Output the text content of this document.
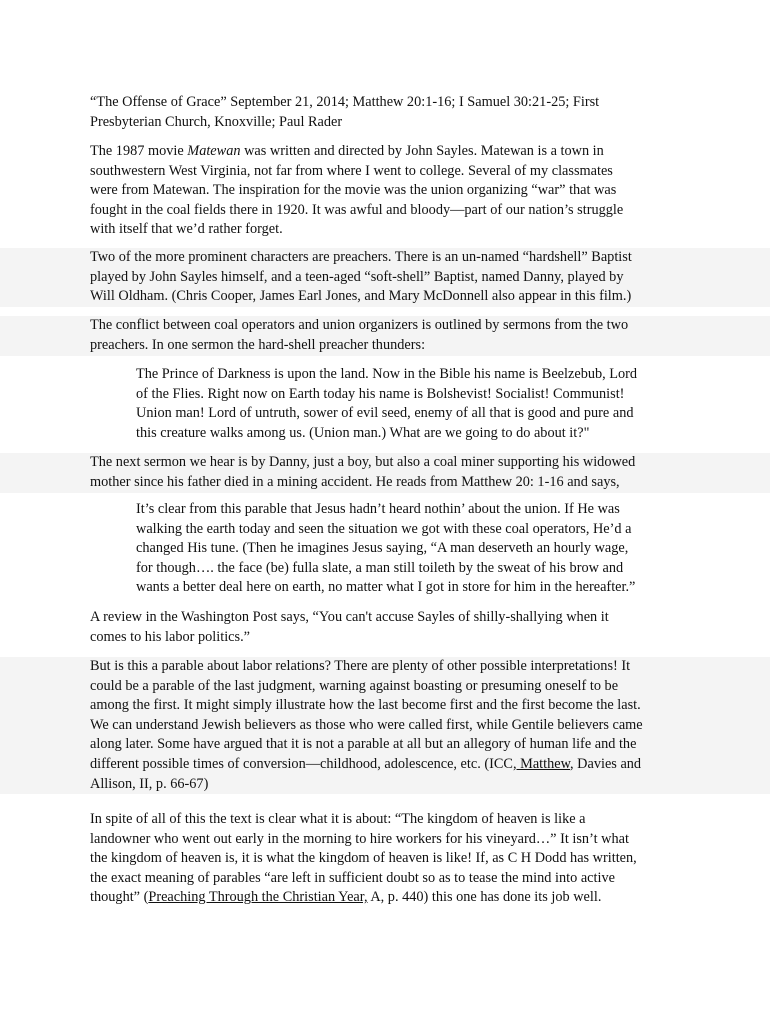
“The Offense of Grace” September 21, 2014; Matthew 20:1-16; I Samuel 30:21-25; First
Presbyterian Church, Knoxville; Paul Rader
The 1987 movie Matewan was written and directed by John Sayles. Matewan is a town in
southwestern West Virginia, not far from where I went to college. Several of my classmates
were from Matewan. The inspiration for the movie was the union organizing “war” that was
fought in the coal fields there in 1920. It was awful and bloody—part of our nation’s struggle
with itself that we’d rather forget.
Two of the more prominent characters are preachers. There is an un-named “hardshell” Baptist
played by John Sayles himself, and a teen-aged “soft-shell” Baptist, named Danny, played by
Will Oldham. (Chris Cooper, James Earl Jones, and Mary McDonnell also appear in this film.)
The conflict between coal operators and union organizers is outlined by sermons from the two
preachers. In one sermon the hard-shell preacher thunders:
The Prince of Darkness is upon the land. Now in the Bible his name is Beelzebub, Lord
of the Flies. Right now on Earth today his name is Bolshevist! Socialist! Communist!
Union man! Lord of untruth, sower of evil seed, enemy of all that is good and pure and
this creature walks among us. (Union man.) What are we going to do about it?"
The next sermon we hear is by Danny, just a boy, but also a coal miner supporting his widowed
mother since his father died in a mining accident. He reads from Matthew 20: 1-16 and says,
It’s clear from this parable that Jesus hadn’t heard nothin’ about the union. If He was
walking the earth today and seen the situation we got with these coal operators, He’d a
changed His tune. (Then he imagines Jesus saying, “A man deserveth an hourly wage,
for though…. the face (be) fulla slate, a man still toileth by the sweat of his brow and
wants a better deal here on earth, no matter what I got in store for him in the hereafter.”
A review in the Washington Post says, “You can't accuse Sayles of shilly-shallying when it
comes to his labor politics.”
But is this a parable about labor relations? There are plenty of other possible interpretations! It
could be a parable of the last judgment, warning against boasting or presuming oneself to be
among the first. It might simply illustrate how the last become first and the first become the last.
We can understand Jewish believers as those who were called first, while Gentile believers came
along later. Some have argued that it is not a parable at all but an allegory of human life and the
different possible times of conversion—childhood, adolescence, etc. (ICC, Matthew, Davies and
Allison, II, p. 66-67)
In spite of all of this the text is clear what it is about: “The kingdom of heaven is like a
landowner who went out early in the morning to hire workers for his vineyard…” It isn’t what
the kingdom of heaven is, it is what the kingdom of heaven is like! If, as C H Dodd has written,
the exact meaning of parables “are left in sufficient doubt so as to tease the mind into active
thought” (Preaching Through the Christian Year, A, p. 440) this one has done its job well.
